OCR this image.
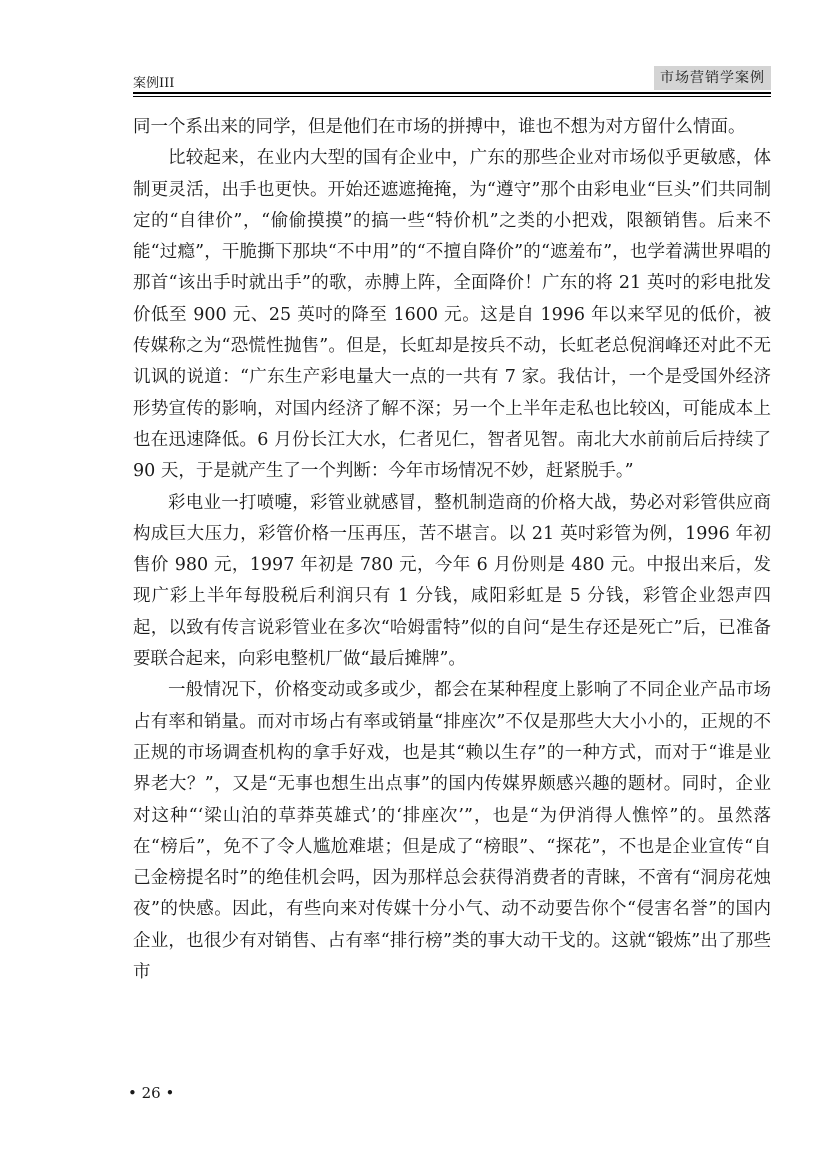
案例III	市场营销学案例

同一个系出来的同学，但是他们在市场的拼搏中，谁也不想为对方留什么情面。

比较起来，在业内大型的国有企业中，广东的那些企业对市场似乎更敏感，体制更灵活，出手也更快。开始还遮遮掩掩，为“遵守”那个由彩电业“巨头”们共同制定的“自律价”，“偷偷摸摸”的搞一些“特价机”之类的小把戏，限额销售。后来不能“过瘾”，干脆撕下那块“不中用”的“不擅自降价”的“遮羞布”，也学着满世界唱的那首“该出手时就出手”的歌，赤膊上阵，全面降价！广东的将 21 英吋的彩电批发价低至 900 元、25 英吋的降至 1600 元。这是自 1996 年以来罕见的低价，被传媒称之为“恐慌性抛售”。但是，长虹却是按兵不动，长虹老总倪润峰还对此不无讥讽的说道：“广东生产彩电量大一点的一共有 7 家。我估计，一个是受国外经济形势宣传的影响，对国内经济了解不深；另一个上半年走私也比较凶，可能成本上也在迅速降低。6 月份长江大水，仁者见仁，智者见智。南北大水前前后后持续了 90 天，于是就产生了一个判断：今年市场情况不妙，赶紧脱手。”

彩电业一打喷嚏，彩管业就感冒，整机制造商的价格大战，势必对彩管供应商构成巨大压力，彩管价格一压再压，苦不堪言。以 21 英吋彩管为例，1996 年初售价 980 元，1997 年初是 780 元，今年 6 月份则是 480 元。中报出来后，发现广彩上半年每股税后利润只有 1 分钱，咸阳彩虹是 5 分钱，彩管企业怨声四起，以致有传言说彩管业在多次“哈姆雷特”似的自问“是生存还是死亡”后，已准备要联合起来，向彩电整机厂做“最后摊牌”。

一般情况下，价格变动或多或少，都会在某种程度上影响了不同企业产品市场占有率和销量。而对市场占有率或销量“排座次”不仅是那些大大小小的，正规的不正规的市场调查机构的拿手好戏，也是其“赖以生存”的一种方式，而对于“谁是业界老大？”，又是“无事也想生出点事”的国内传媒界颇感兴趣的题材。同时，企业对这种“‘梁山泊的草莽英雄式’的‘排座次’”，也是“为伊消得人憔悴”的。虽然落在“榜后”，免不了令人尴尬难堪；但是成了“榜眼”、“探花”，不也是企业宣传“自己金榜提名时”的绝佳机会吗，因为那样总会获得消费者的青睐，不啻有“洞房花烛夜”的快感。因此，有些向来对传媒十分小气、动不动要告你个“侵害名誉”的国内企业，也很少有对销售、占有率“排行榜”类的事大动干戈的。这就“锻炼”出了那些市

• 26 •
